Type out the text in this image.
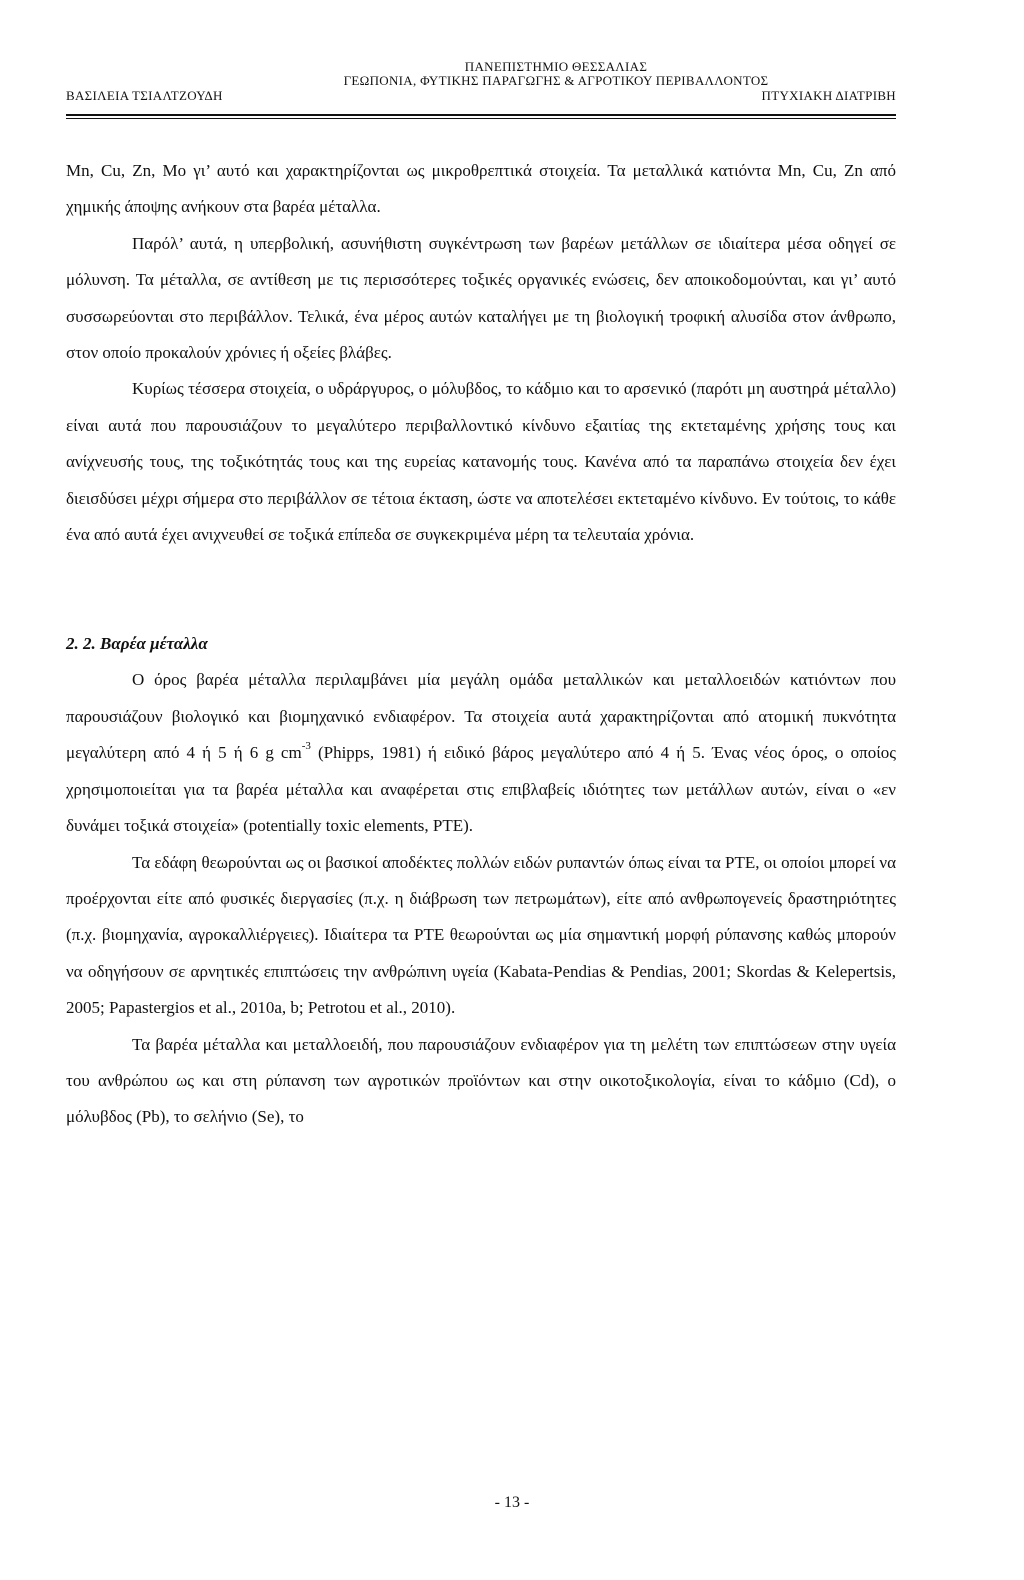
ΠΑΝΕΠΙΣΤΗΜΙΟ ΘΕΣΣΑΛΙΑΣ
ΓΕΩΠΟΝΙΑ, ΦΥΤΙΚΗΣ ΠΑΡΑΓΩΓΗΣ & ΑΓΡΟΤΙΚΟΥ ΠΕΡΙΒΑΛΛΟΝΤΟΣ
ΒΑΣΙΛΕΙΑ ΤΣΙΑΛΤΖΟΥΔΗ	ΠΤΥΧΙΑΚΗ ΔΙΑΤΡΙΒΗ

Mn, Cu, Zn, Mo γι’ αυτό και χαρακτηρίζονται ως μικροθρεπτικά στοιχεία. Τα μεταλλικά κατιόντα Mn, Cu, Zn από χημικής άποψης ανήκουν στα βαρέα μέταλλα.

Παρόλ’ αυτά, η υπερβολική, ασυνήθιστη συγκέντρωση των βαρέων μετάλλων σε ιδιαίτερα μέσα οδηγεί σε μόλυνση. Τα μέταλλα, σε αντίθεση με τις περισσότερες τοξικές οργανικές ενώσεις, δεν αποικοδομούνται, και γι’ αυτό συσσωρεύονται στο περιβάλλον. Τελικά, ένα μέρος αυτών καταλήγει με τη βιολογική τροφική αλυσίδα στον άνθρωπο, στον οποίο προκαλούν χρόνιες ή οξείες βλάβες.

Κυρίως τέσσερα στοιχεία, ο υδράργυρος, ο μόλυβδος, το κάδμιο και το αρσενικό (παρότι μη αυστηρά μέταλλο) είναι αυτά που παρουσιάζουν το μεγαλύτερο περιβαλλοντικό κίνδυνο εξαιτίας της εκτεταμένης χρήσης τους και ανίχνευσής τους, της τοξικότητάς τους και της ευρείας κατανομής τους. Κανένα από τα παραπάνω στοιχεία δεν έχει διεισδύσει μέχρι σήμερα στο περιβάλλον σε τέτοια έκταση, ώστε να αποτελέσει εκτεταμένο κίνδυνο. Εν τούτοις, το κάθε ένα από αυτά έχει ανιχνευθεί σε τοξικά επίπεδα σε συγκεκριμένα μέρη τα τελευταία χρόνια.

2. 2. Βαρέα μέταλλα

Ο όρος βαρέα μέταλλα περιλαμβάνει μία μεγάλη ομάδα μεταλλικών και μεταλλοειδών κατιόντων που παρουσιάζουν βιολογικό και βιομηχανικό ενδιαφέρον. Τα στοιχεία αυτά χαρακτηρίζονται από ατομική πυκνότητα μεγαλύτερη από 4 ή 5 ή 6 g $cm^{-3}$ (Phipps, 1981) ή ειδικό βάρος μεγαλύτερο από 4 ή 5. Ένας νέος όρος, ο οποίος χρησιμοποιείται για τα βαρέα μέταλλα και αναφέρεται στις επιβλαβείς ιδιότητες των μετάλλων αυτών, είναι ο «εν δυνάμει τοξικά στοιχεία» (potentially toxic elements, PTE).

Τα εδάφη θεωρούνται ως οι βασικοί αποδέκτες πολλών ειδών ρυπαντών όπως είναι τα PTE, οι οποίοι μπορεί να προέρχονται είτε από φυσικές διεργασίες (π.χ. η διάβρωση των πετρωμάτων), είτε από ανθρωπογενείς δραστηριότητες (π.χ. βιομηχανία, αγροκαλλιέργειες). Ιδιαίτερα τα PTE θεωρούνται ως μία σημαντική μορφή ρύπανσης καθώς μπορούν να οδηγήσουν σε αρνητικές επιπτώσεις την ανθρώπινη υγεία (Kabata-Pendias & Pendias, 2001; Skordas & Kelepertsis, 2005; Papastergios et al., 2010a, b; Petrotou et al., 2010).

Τα βαρέα μέταλλα και μεταλλοειδή, που παρουσιάζουν ενδιαφέρον για τη μελέτη των επιπτώσεων στην υγεία του ανθρώπου ως και στη ρύπανση των αγροτικών προϊόντων και στην οικοτοξικολογία, είναι το κάδμιο (Cd), ο μόλυβδος (Pb), το σελήνιο (Se), το

- 13 -
